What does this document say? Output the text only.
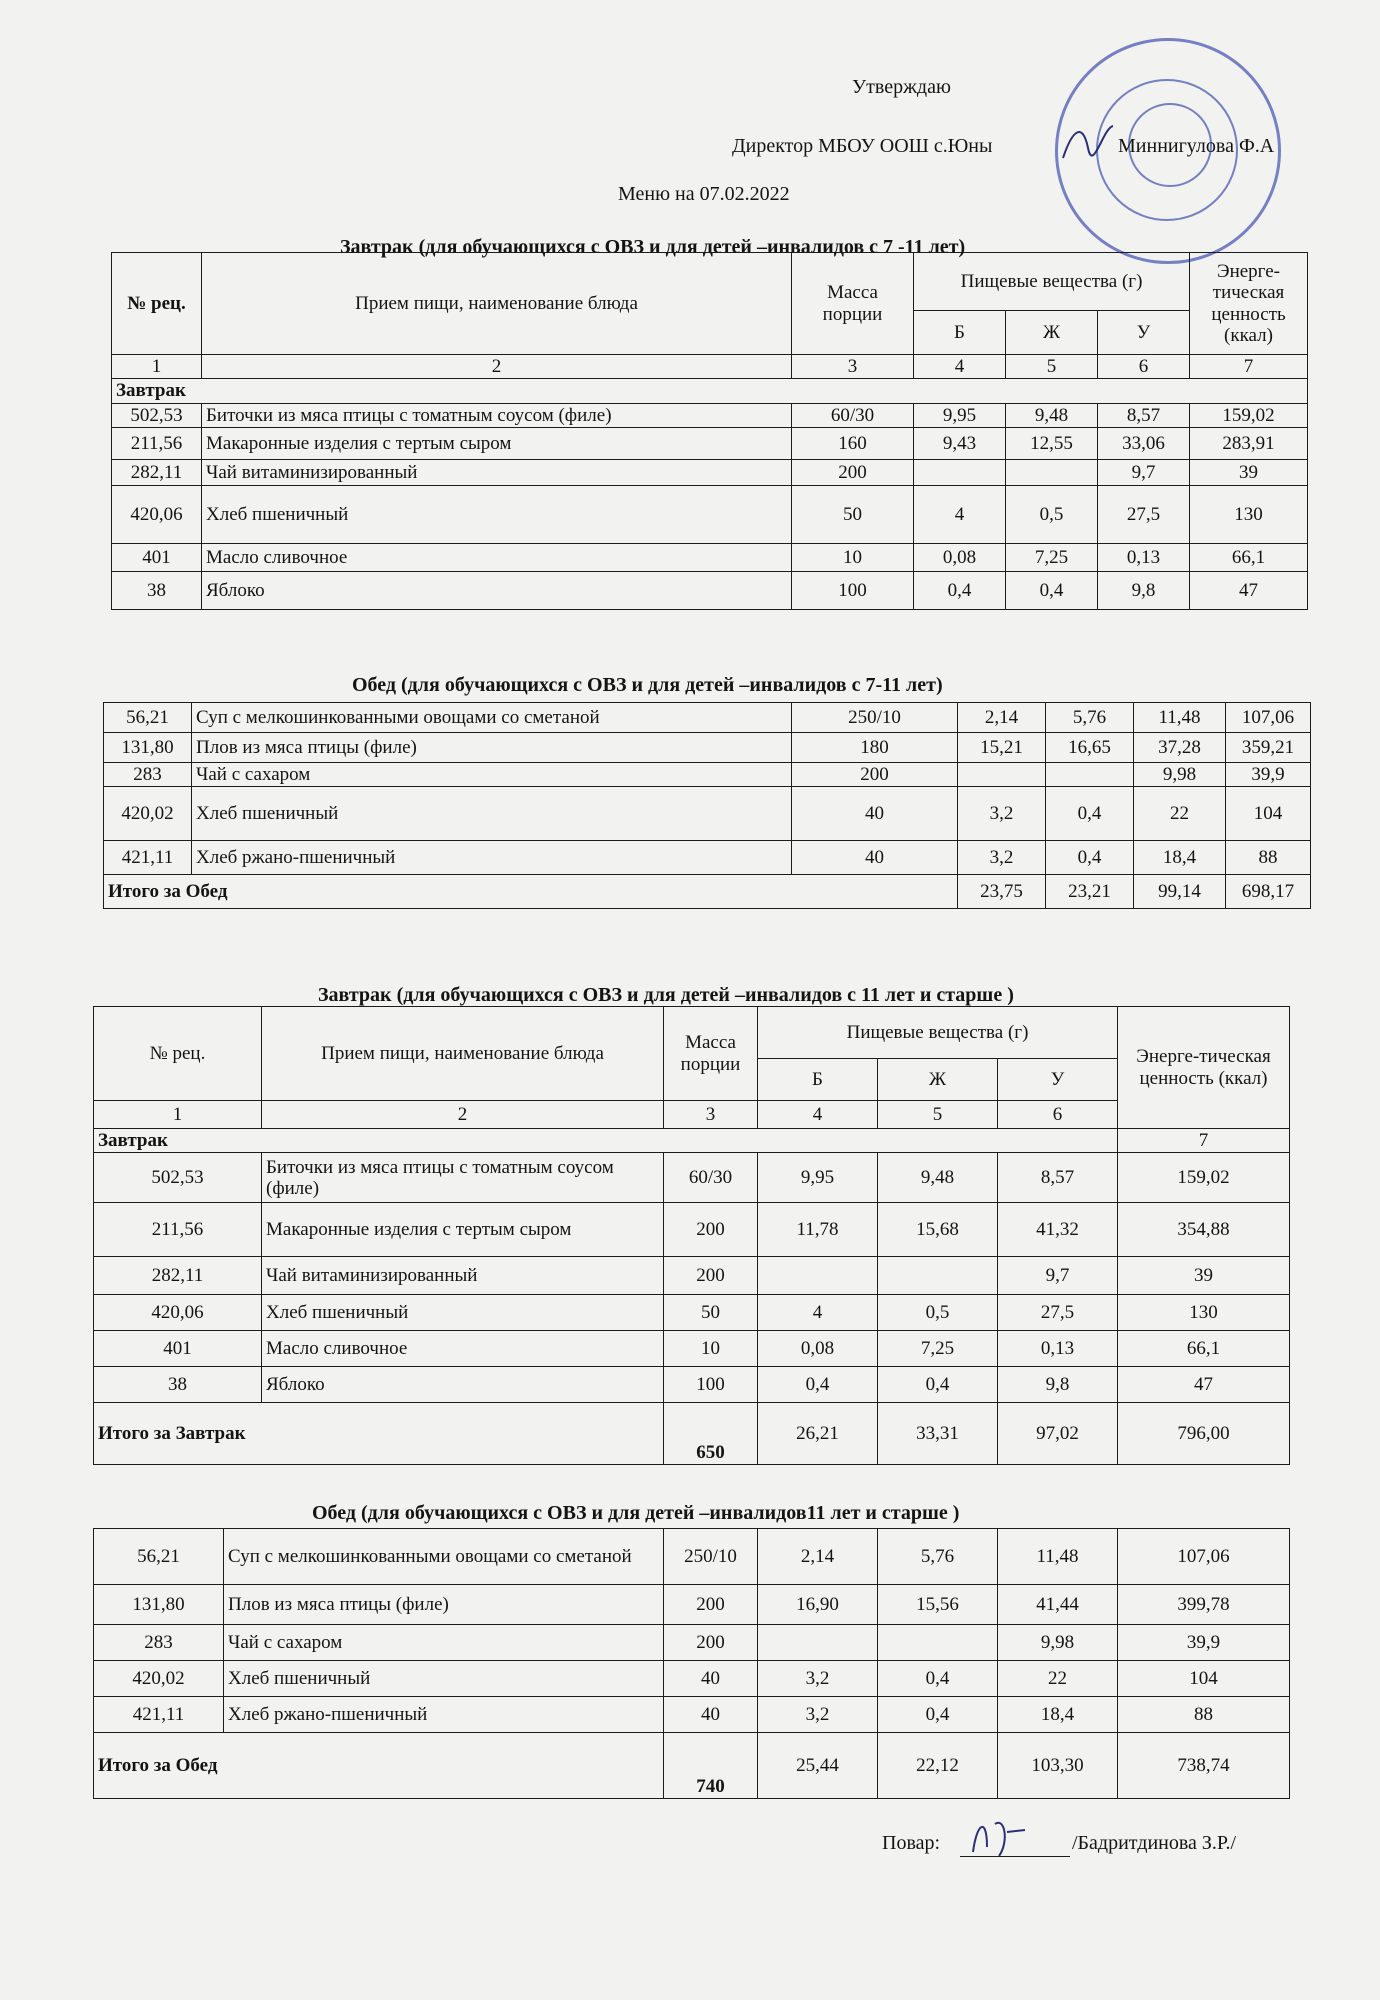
Утверждаю
Директор МБОУ ООШ с.Юны	Миннигулова Ф.А
Меню на 07.02.2022
Завтрак (для обучающихся с ОВЗ и для детей –инвалидов с 7 -11 лет)
№ рец.	Прием пищи, наименование блюда	Масса порции	Пищевые вещества (г)			Энерге-тическая ценность (ккал)
			Б	Ж	У	
1	2	3	4	5	6	7
Завтрак						
502,53	Биточки из мяса птицы с томатным соусом (филе)	60/30	9,95	9,48	8,57	159,02
211,56	Макаронные изделия с тертым сыром	160	9,43	12,55	33,06	283,91
282,11	Чай витаминизированный	200			9,7	39
420,06	Хлеб пшеничный	50	4	0,5	27,5	130
401	Масло сливочное	10	0,08	7,25	0,13	66,1
38	Яблоко	100	0,4	0,4	9,8	47
Обед (для обучающихся с ОВЗ и для детей –инвалидов с 7-11 лет)
56,21	Суп с мелкошинкованными овощами со сметаной	250/10	2,14	5,76	11,48	107,06
131,80	Плов из мяса птицы (филе)	180	15,21	16,65	37,28	359,21
283	Чай с сахаром	200			9,98	39,9
420,02	Хлеб пшеничный	40	3,2	0,4	22	104
421,11	Хлеб ржано-пшеничный	40	3,2	0,4	18,4	88
Итого за Обед			23,75	23,21	99,14	698,17
Завтрак (для обучающихся с ОВЗ и для детей –инвалидов с 11 лет и старше )
№ рец.	Прием пищи, наименование блюда	Масса порции	Пищевые вещества (г)			Энерге-тическая ценность (ккал)
			Б	Ж	У	
1	2	3	4	5	6	
Завтрак						7
502,53	Биточки из мяса птицы с томатным соусом (филе)	60/30	9,95	9,48	8,57	159,02
211,56	Макаронные изделия с тертым сыром	200	11,78	15,68	41,32	354,88
282,11	Чай витаминизированный	200			9,7	39
420,06	Хлеб пшеничный	50	4	0,5	27,5	130
401	Масло сливочное	10	0,08	7,25	0,13	66,1
38	Яблоко	100	0,4	0,4	9,8	47
Итого за Завтрак		650	26,21	33,31	97,02	796,00
Обед (для обучающихся с ОВЗ и для детей –инвалидов11 лет и старше )
56,21	Суп с мелкошинкованными овощами со сметаной	250/10	2,14	5,76	11,48	107,06
131,80	Плов из мяса птицы (филе)	200	16,90	15,56	41,44	399,78
283	Чай с сахаром	200			9,98	39,9
420,02	Хлеб пшеничный	40	3,2	0,4	22	104
421,11	Хлеб ржано-пшеничный	40	3,2	0,4	18,4	88
Итого за Обед		740	25,44	22,12	103,30	738,74
Повар:	/Бадритдинова З.Р./
